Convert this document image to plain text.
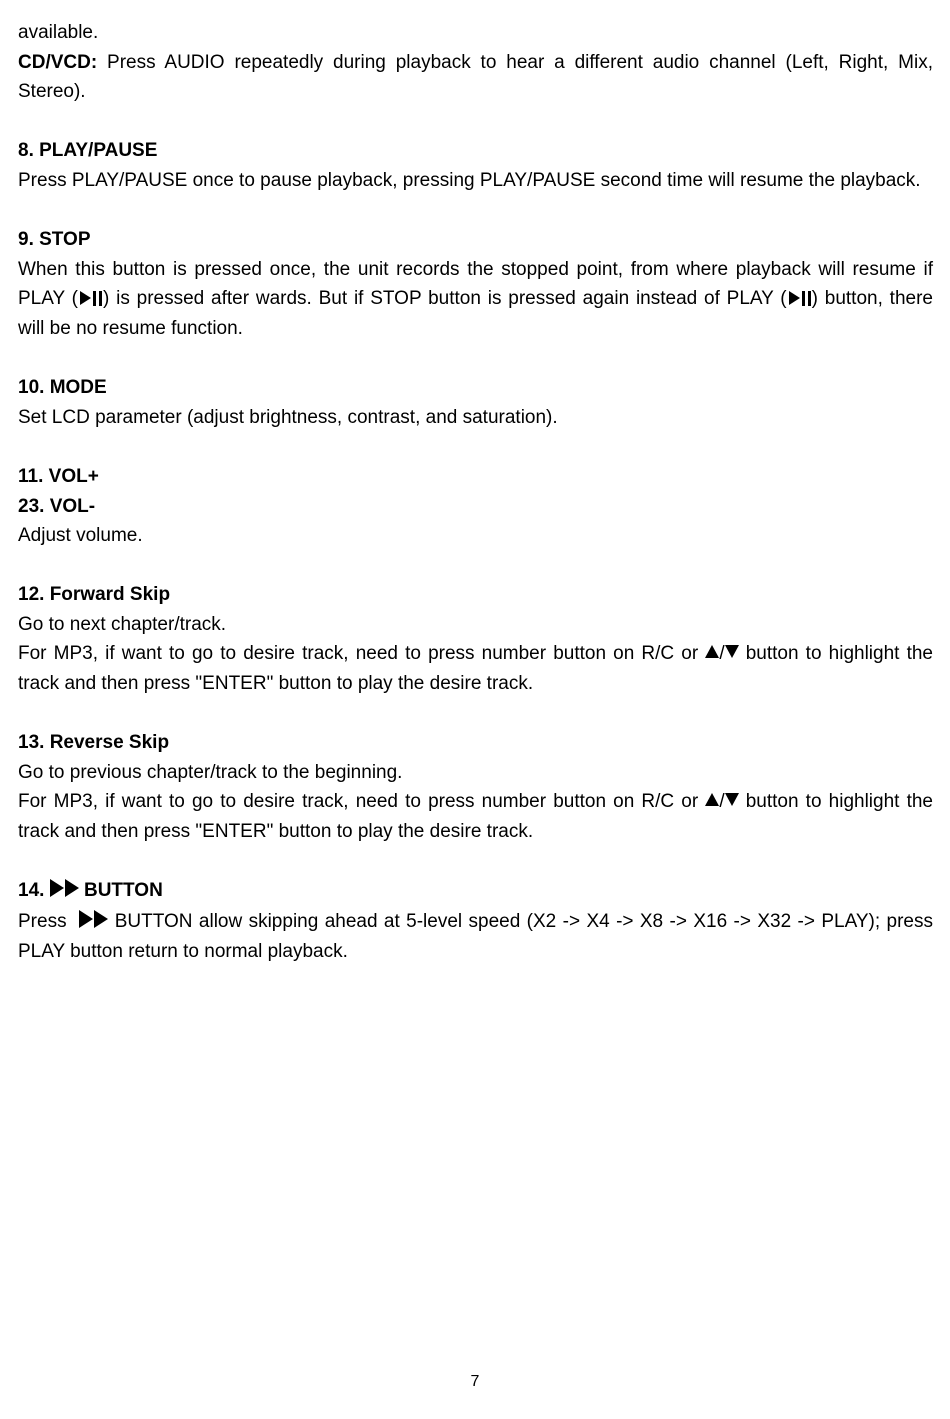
available.

CD/VCD: Press AUDIO repeatedly during playback to hear a different audio channel (Left, Right, Mix, Stereo).

8. PLAY/PAUSE

Press PLAY/PAUSE once to pause playback, pressing PLAY/PAUSE second time will resume the playback.

9. STOP

When this button is pressed once, the unit records the stopped point, from where playback will resume if PLAY ( ) is pressed after wards. But if STOP button is pressed again instead of PLAY ( ) button, there will be no resume function.

10. MODE

Set LCD parameter (adjust brightness, contrast, and saturation).

11. VOL+

23. VOL-

Adjust volume.

12. Forward Skip

Go to next chapter/track.

For MP3, if want to go to desire track, need to press number button on R/C or / button to highlight the track and then press "ENTER" button to play the desire track.

13. Reverse Skip

Go to previous chapter/track to the beginning.

For MP3, if want to go to desire track, need to press number button on R/C or / button to highlight the track and then press "ENTER" button to play the desire track.

14. BUTTON

Press   BUTTON allow skipping ahead at 5-level speed (X2 -> X4 -> X8 -> X16 -> X32 -> PLAY); press PLAY button return to normal playback.

7
